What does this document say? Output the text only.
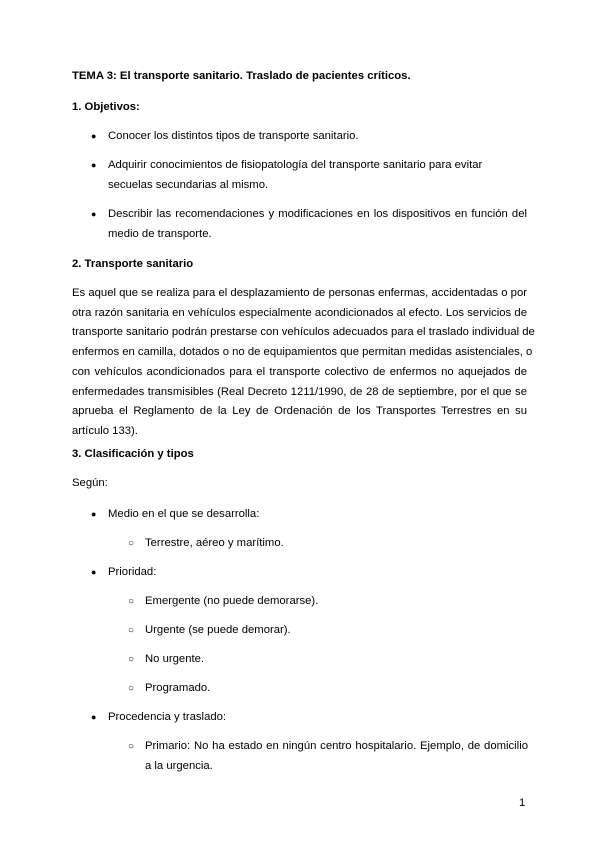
TEMA 3: El transporte sanitario. Traslado de pacientes críticos.
1. Objetivos:
● Conocer los distintos tipos de transporte sanitario.
● Adquirir conocimientos de fisiopatología del transporte sanitario para evitar secuelas secundarias al mismo.
● Describir las recomendaciones y modificaciones en los dispositivos en función del medio de transporte.
2. Transporte sanitario
Es aquel que se realiza para el desplazamiento de personas enfermas, accidentadas o por
otra razón sanitaria en vehículos especialmente acondicionados al efecto. Los servicios de
transporte sanitario podrán prestarse con vehículos adecuados para el traslado individual de
enfermos en camilla, dotados o no de equipamientos que permitan medidas asistenciales, o
con vehículos acondicionados para el transporte colectivo de enfermos no aquejados de
enfermedades transmisibles (Real Decreto 1211/1990, de 28 de septiembre, por el que se
aprueba el Reglamento de la Ley de Ordenación de los Transportes Terrestres en su
artículo 133).
3. Clasificación y tipos
Según:
● Medio en el que se desarrolla:
○ Terrestre, aéreo y marítimo.
● Prioridad:
○ Emergente (no puede demorarse).
○ Urgente (se puede demorar).
○ No urgente.
○ Programado.
● Procedencia y traslado:
○ Primario: No ha estado en ningún centro hospitalario. Ejemplo, de domicilio a la urgencia.
1
